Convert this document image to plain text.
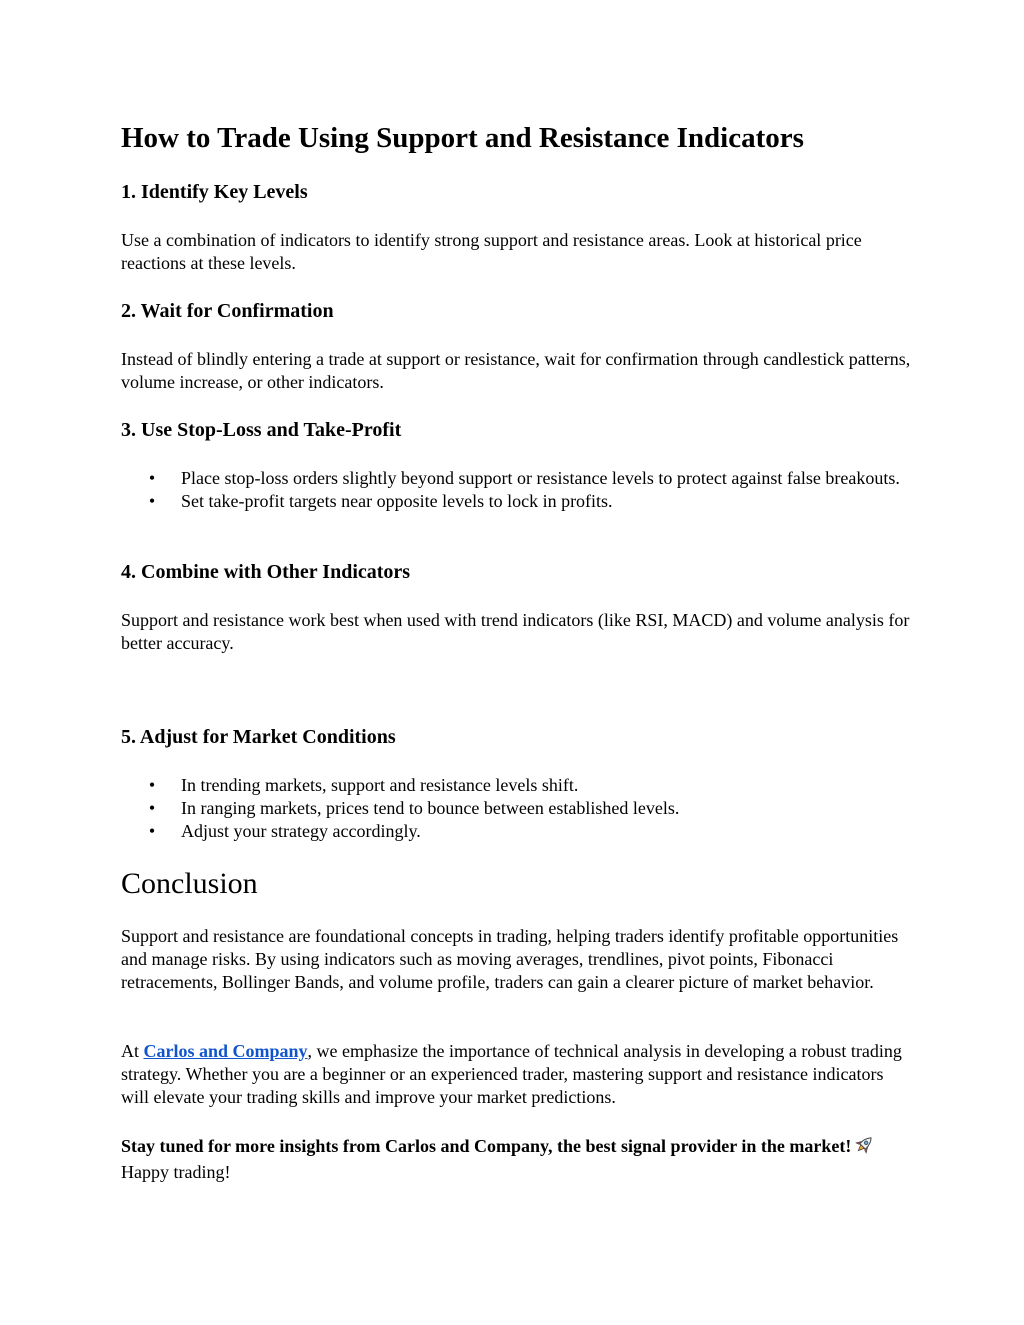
How to Trade Using Support and Resistance Indicators
1. Identify Key Levels

Use a combination of indicators to identify strong support and resistance areas. Look at historical price reactions at these levels.

2. Wait for Confirmation

Instead of blindly entering a trade at support or resistance, wait for confirmation through candlestick patterns, volume increase, or other indicators.

3. Use Stop-Loss and Take-Profit
• Place stop-loss orders slightly beyond support or resistance levels to protect against false breakouts.
• Set take-profit targets near opposite levels to lock in profits.
4. Combine with Other Indicators

Support and resistance work best when used with trend indicators (like RSI, MACD) and volume analysis for better accuracy.

5. Adjust for Market Conditions
• In trending markets, support and resistance levels shift.
• In ranging markets, prices tend to bounce between established levels.
• Adjust your strategy accordingly.
Conclusion

Support and resistance are foundational concepts in trading, helping traders identify profitable opportunities and manage risks. By using indicators such as moving averages, trendlines, pivot points, Fibonacci retracements, Bollinger Bands, and volume profile, traders can gain a clearer picture of market behavior.

At Carlos and Company, we emphasize the importance of technical analysis in developing a robust trading strategy. Whether you are a beginner or an experienced trader, mastering support and resistance indicators will elevate your trading skills and improve your market predictions.

Stay tuned for more insights from Carlos and Company, the best signal provider in the market! Happy trading!
